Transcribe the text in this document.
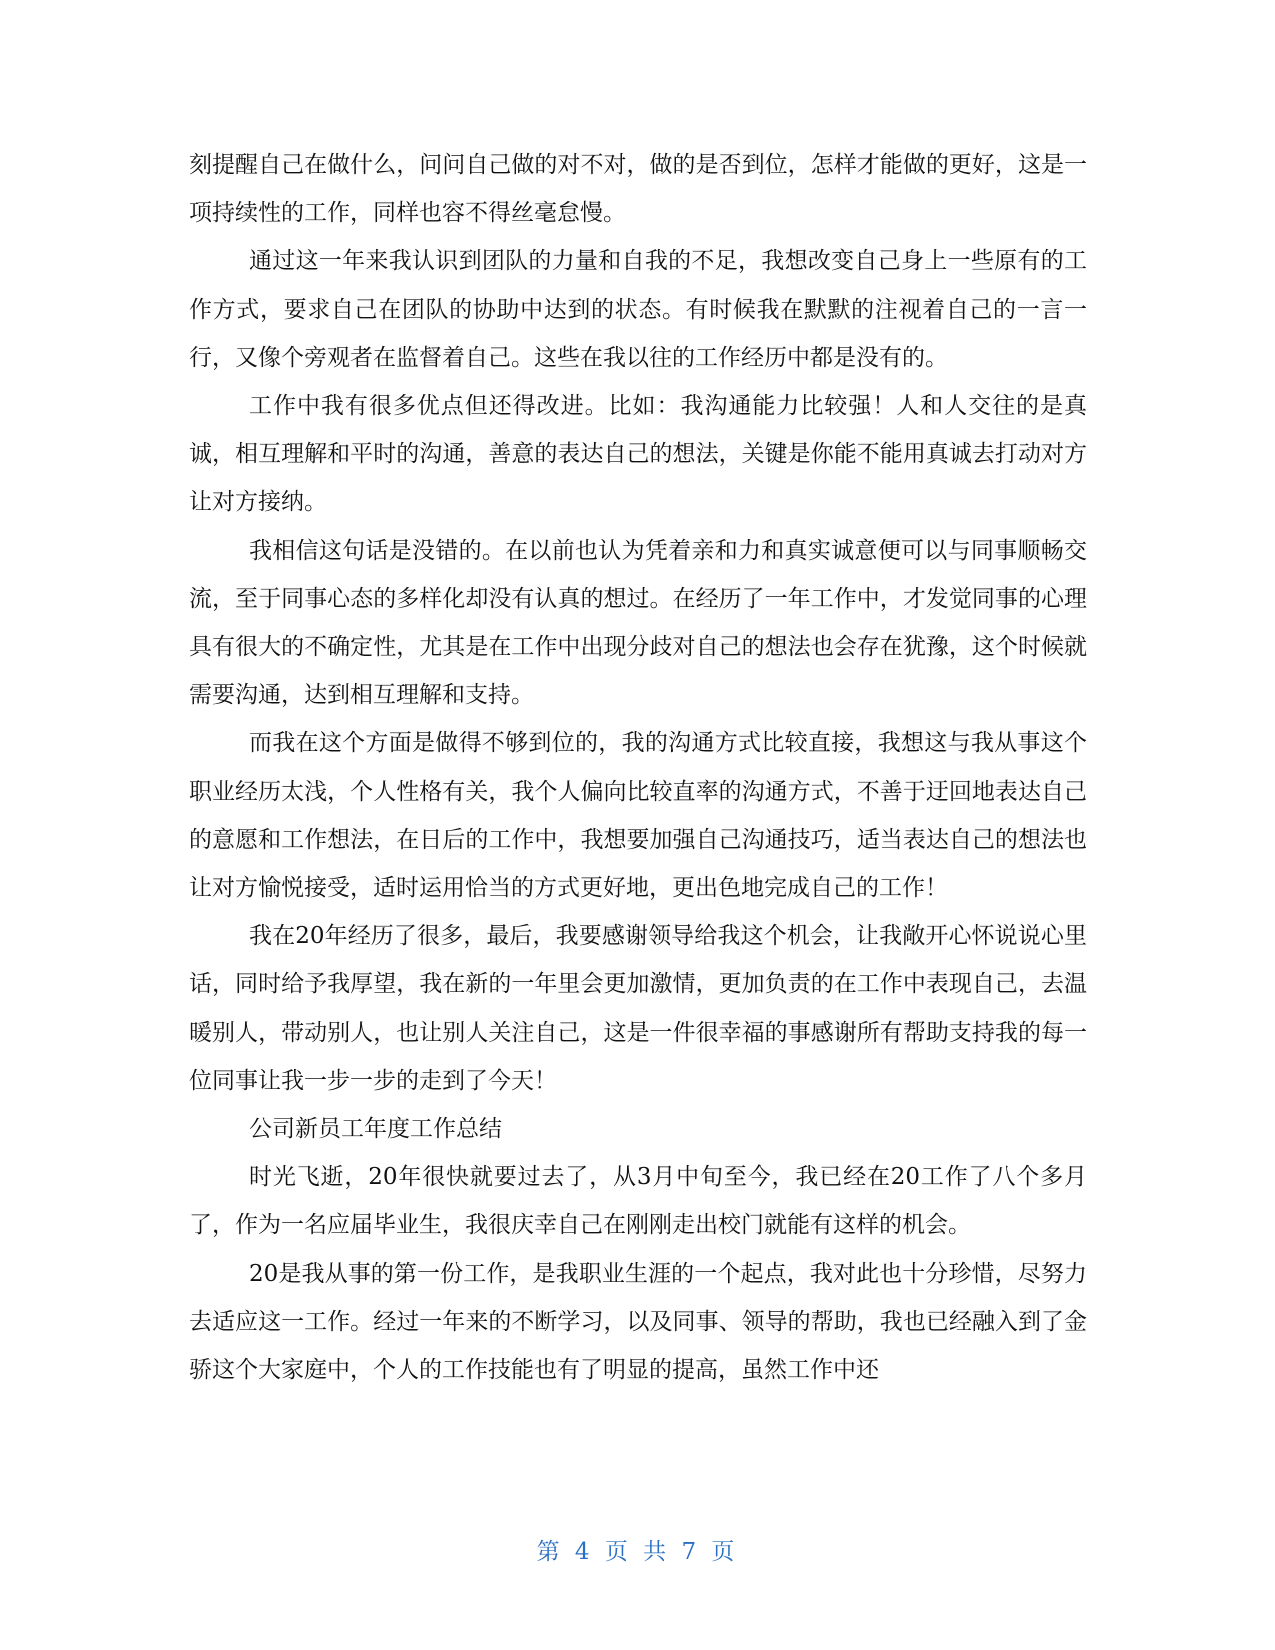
刻提醒自己在做什么，问问自己做的对不对，做的是否到位，怎样才能做的更好，这是一项持续性的工作，同样也容不得丝毫怠慢。

通过这一年来我认识到团队的力量和自我的不足，我想改变自己身上一些原有的工作方式，要求自己在团队的协助中达到的状态。有时候我在默默的注视着自己的一言一行，又像个旁观者在监督着自己。这些在我以往的工作经历中都是没有的。

工作中我有很多优点但还得改进。比如：我沟通能力比较强！人和人交往的是真诚，相互理解和平时的沟通，善意的表达自己的想法，关键是你能不能用真诚去打动对方让对方接纳。

我相信这句话是没错的。在以前也认为凭着亲和力和真实诚意便可以与同事顺畅交流，至于同事心态的多样化却没有认真的想过。在经历了一年工作中，才发觉同事的心理具有很大的不确定性，尤其是在工作中出现分歧对自己的想法也会存在犹豫，这个时候就需要沟通，达到相互理解和支持。

而我在这个方面是做得不够到位的，我的沟通方式比较直接，我想这与我从事这个职业经历太浅，个人性格有关，我个人偏向比较直率的沟通方式，不善于迂回地表达自己的意愿和工作想法，在日后的工作中，我想要加强自己沟通技巧，适当表达自己的想法也让对方愉悦接受，适时运用恰当的方式更好地，更出色地完成自己的工作！

我在20年经历了很多，最后，我要感谢领导给我这个机会，让我敞开心怀说说心里话，同时给予我厚望，我在新的一年里会更加激情，更加负责的在工作中表现自己，去温暖别人，带动别人，也让别人关注自己，这是一件很幸福的事感谢所有帮助支持我的每一位同事让我一步一步的走到了今天！

公司新员工年度工作总结

时光飞逝，20年很快就要过去了，从3月中旬至今，我已经在20工作了八个多月了，作为一名应届毕业生，我很庆幸自己在刚刚走出校门就能有这样的机会。

20是我从事的第一份工作，是我职业生涯的一个起点，我对此也十分珍惜，尽努力去适应这一工作。经过一年来的不断学习，以及同事、领导的帮助，我也已经融入到了金骄这个大家庭中，个人的工作技能也有了明显的提高，虽然工作中还

第 4 页 共 7 页
